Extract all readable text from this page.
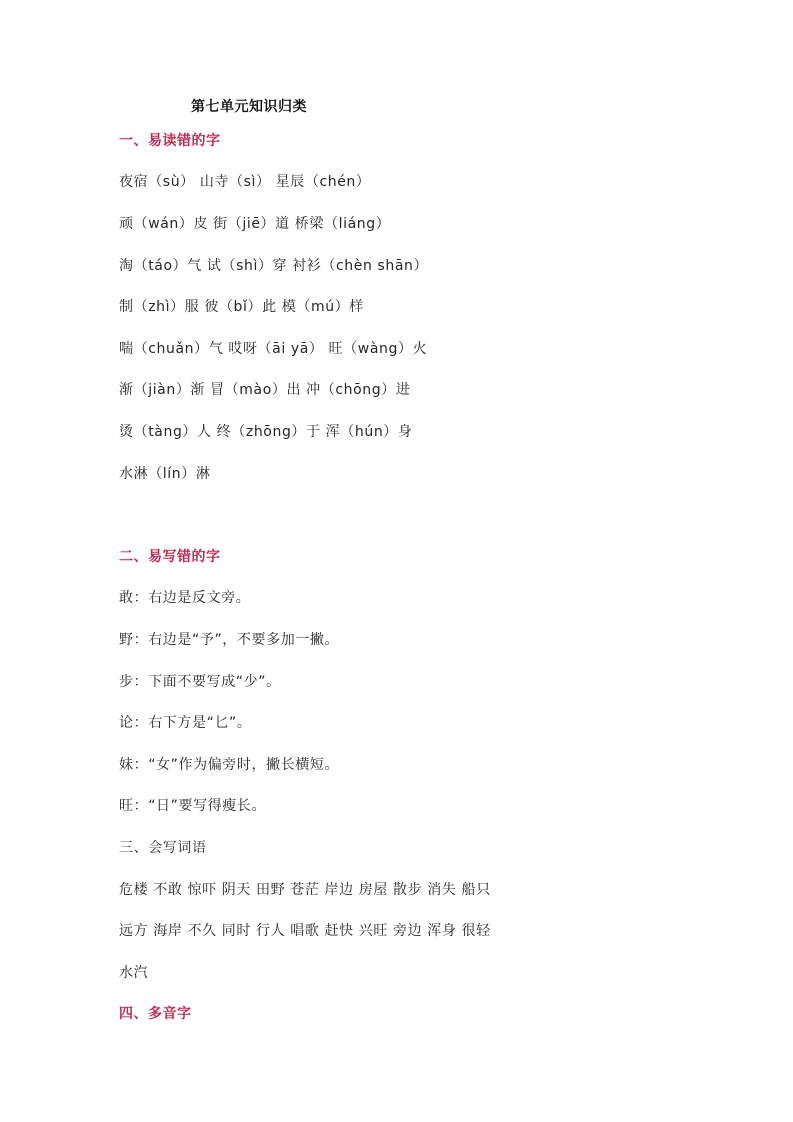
第七单元知识归类
一、易读错的字
夜宿（sù） 山寺（sì） 星辰（chén）
顽（wán）皮 街（jiē）道 桥梁（liáng）
淘（táo）气 试（shì）穿 衬衫（chèn shān）
制（zhì）服 彼（bǐ）此 模（mú）样
喘（chuǎn）气 哎呀（āi yā） 旺（wàng）火
渐（jiàn）渐 冒（mào）出 冲（chōng）进
烫（tàng）人 终（zhōng）于 浑（hún）身
水淋（lín）淋
二、易写错的字
敢：右边是反文旁。
野：右边是“予”，不要多加一撇。
步：下面不要写成“少”。
论：右下方是“匕”。
妹：“女”作为偏旁时，撇长横短。
旺：“日”要写得瘦长。
三、会写词语
危楼 不敢 惊吓 阴天 田野 苍茫 岸边 房屋 散步 消失 船只
远方 海岸 不久 同时 行人 唱歌 赶快 兴旺 旁边 浑身 很轻
水汽
四、多音字
